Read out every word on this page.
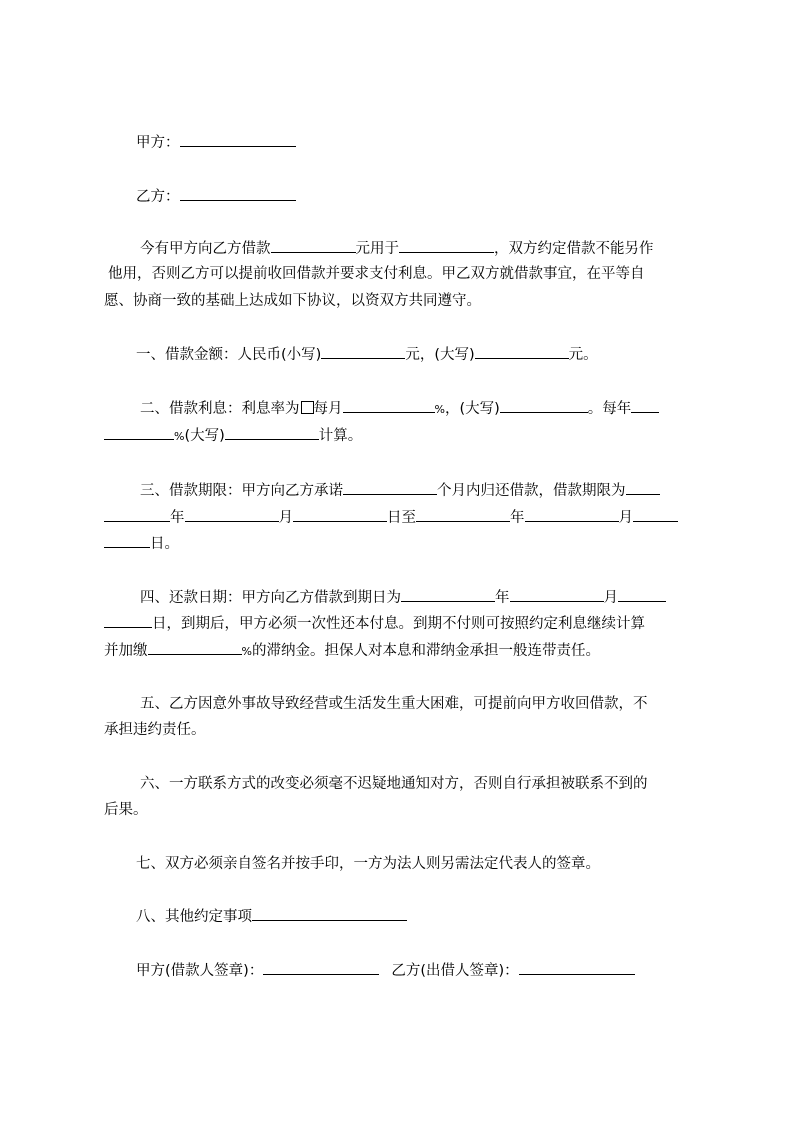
甲方：
乙方：
今有甲方向乙方借款	元用于	，双方约定借款不能另作
他用，否则乙方可以提前收回借款并要求支付利息。甲乙双方就借款事宜，在平等自
愿、协商一致的基础上达成如下协议，以资双方共同遵守。
一、借款金额：人民币(小写)	元，(大写)	元。
二、借款利息：利息率为 每月	%，(大写)	。每年
%(大写)	计算。
三、借款期限：甲方向乙方承诺	个月内归还借款，借款期限为
年	月	日至	年	月
日。
四、还款日期：甲方向乙方借款到期日为	年	月
日，到期后，甲方必须一次性还本付息。到期不付则可按照约定利息继续计算
并加缴	%的滞纳金。担保人对本息和滞纳金承担一般连带责任。
五、乙方因意外事故导致经营或生活发生重大困难，可提前向甲方收回借款，不
承担违约责任。
六、一方联系方式的改变必须毫不迟疑地通知对方，否则自行承担被联系不到的
后果。
七、双方必须亲自签名并按手印，一方为法人则另需法定代表人的签章。
八、其他约定事项
甲方(借款人签章)：	乙方(出借人签章)：
